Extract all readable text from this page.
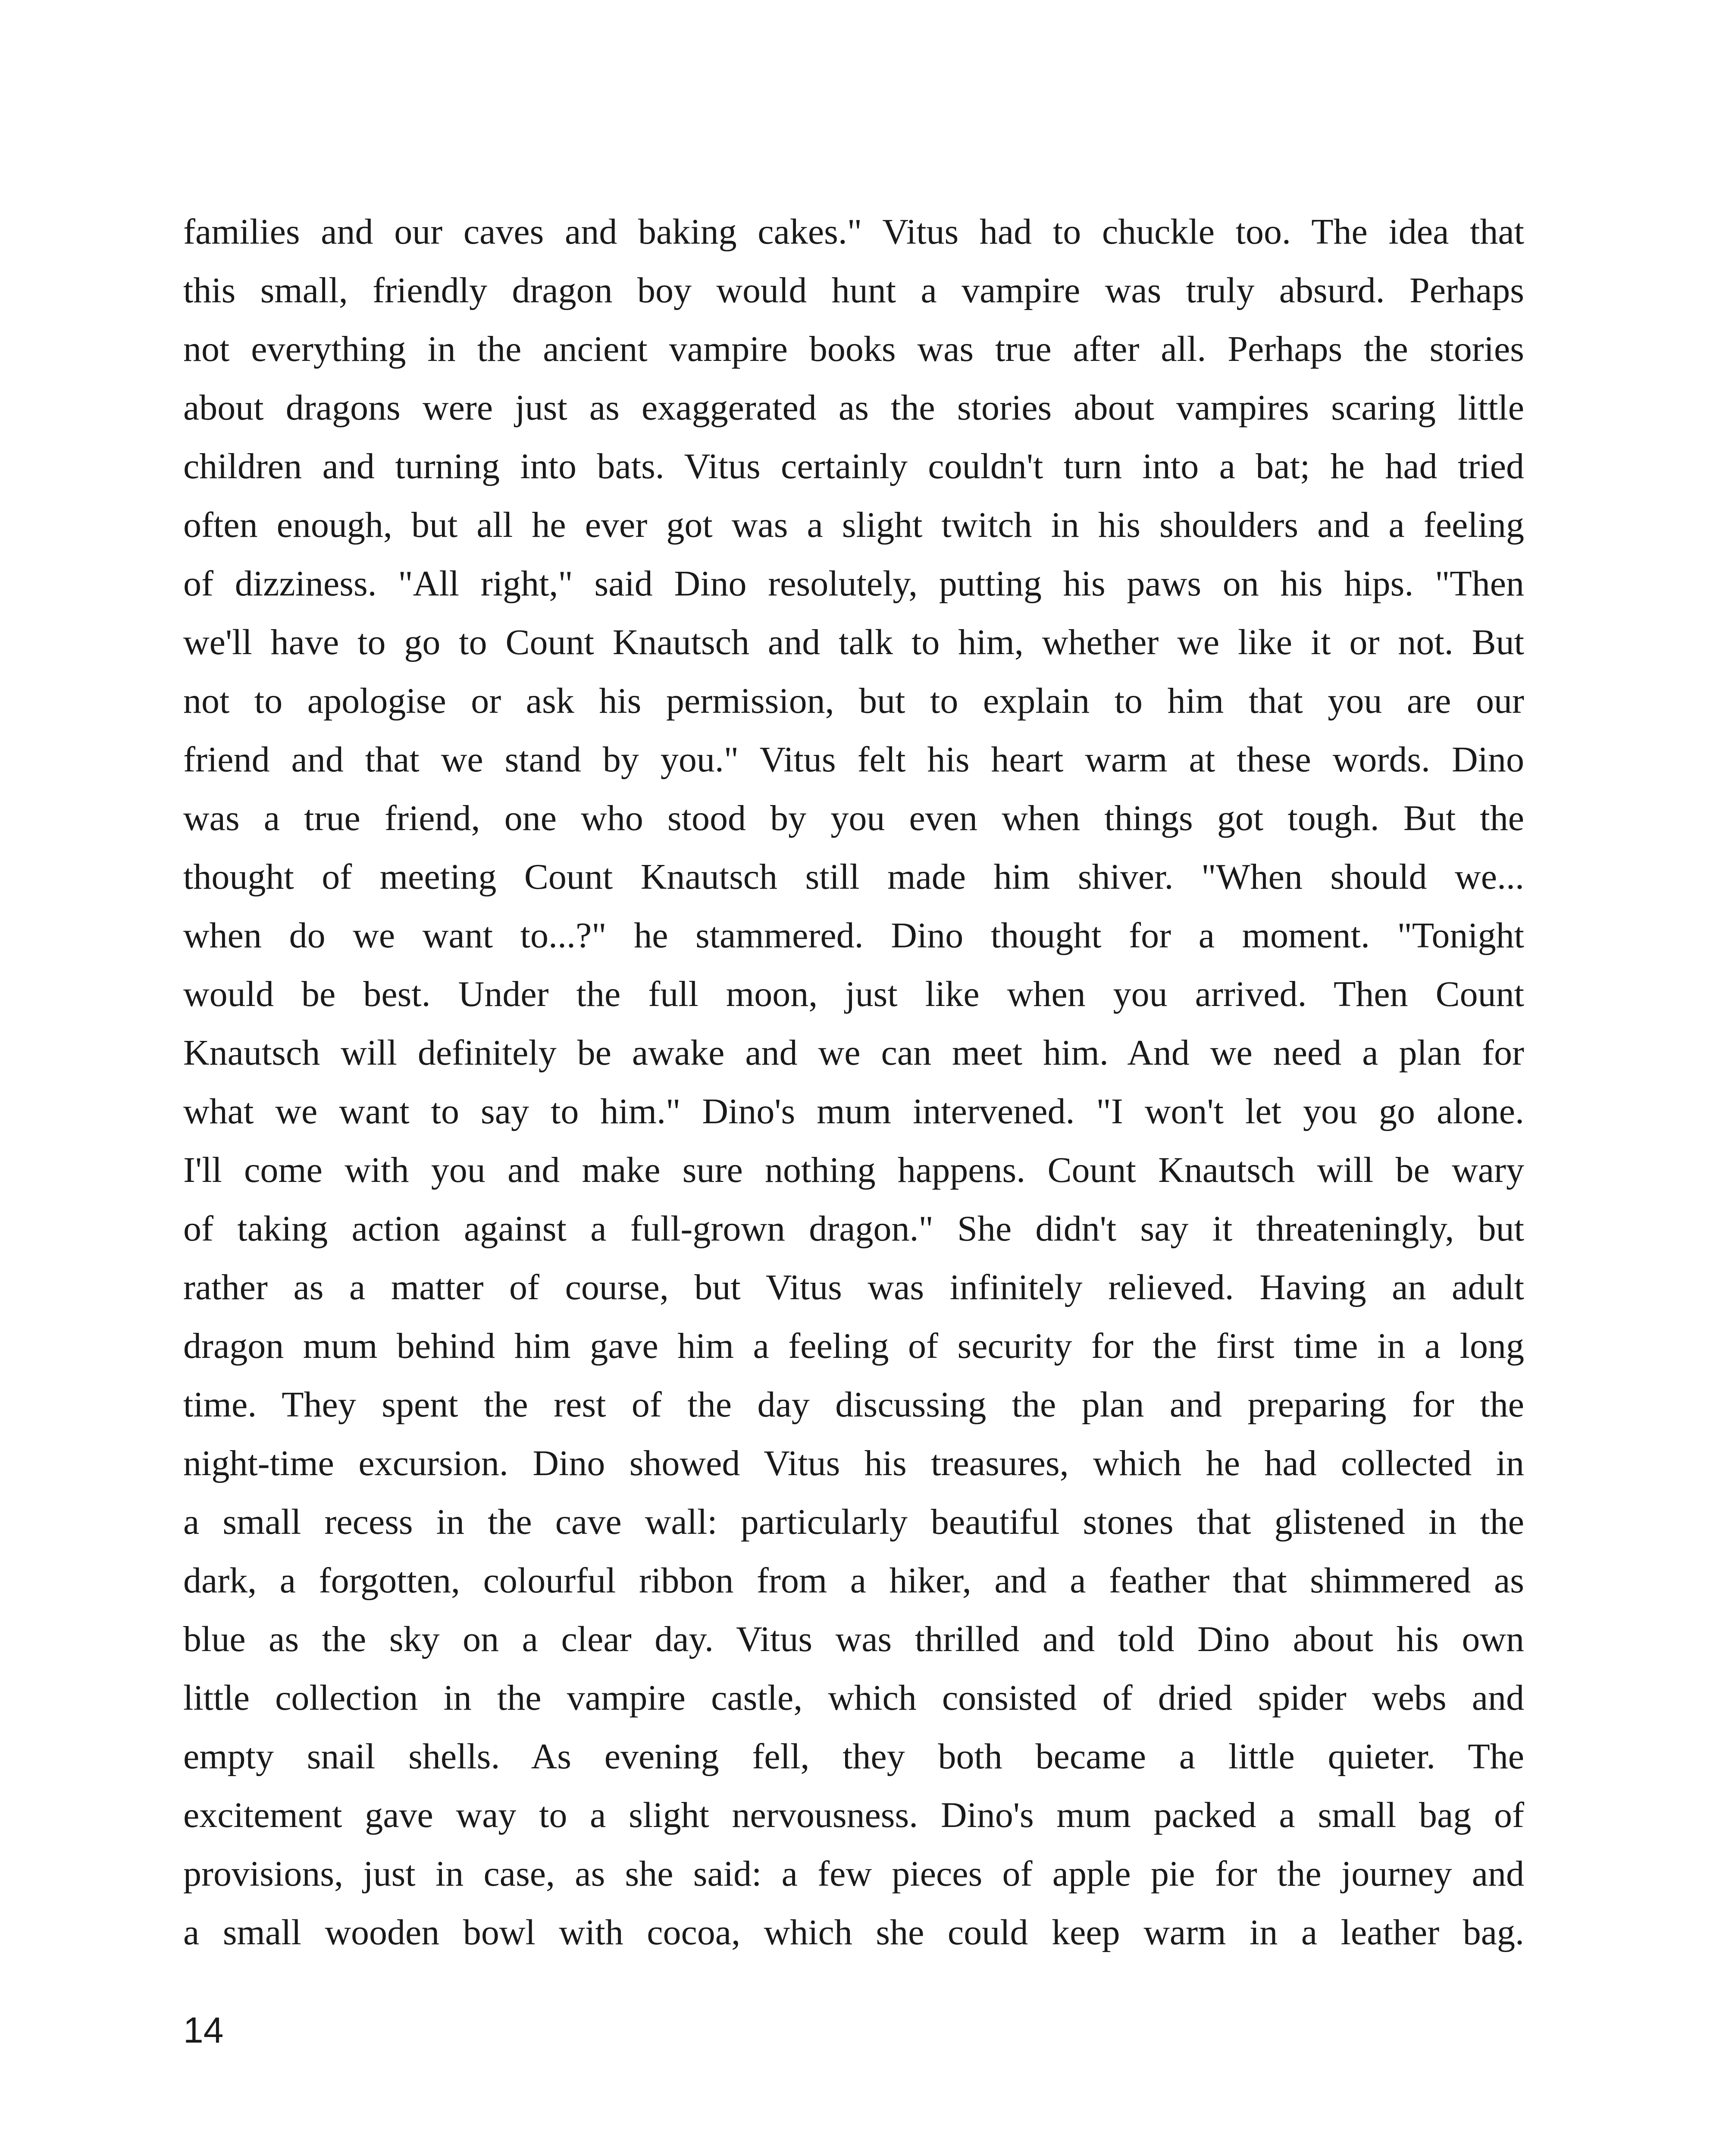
families and our caves and baking cakes." Vitus had to chuckle too. The idea that
this small, friendly dragon boy would hunt a vampire was truly absurd. Perhaps
not everything in the ancient vampire books was true after all. Perhaps the stories
about dragons were just as exaggerated as the stories about vampires scaring little
children and turning into bats. Vitus certainly couldn't turn into a bat; he had tried
often enough, but all he ever got was a slight twitch in his shoulders and a feeling
of dizziness. "All right," said Dino resolutely, putting his paws on his hips. "Then
we'll have to go to Count Knautsch and talk to him, whether we like it or not. But
not to apologise or ask his permission, but to explain to him that you are our
friend and that we stand by you." Vitus felt his heart warm at these words. Dino
was a true friend, one who stood by you even when things got tough. But the
thought of meeting Count Knautsch still made him shiver. "When should we...
when do we want to...?" he stammered. Dino thought for a moment. "Tonight
would be best. Under the full moon, just like when you arrived. Then Count
Knautsch will definitely be awake and we can meet him. And we need a plan for
what we want to say to him." Dino's mum intervened. "I won't let you go alone.
I'll come with you and make sure nothing happens. Count Knautsch will be wary
of taking action against a full-grown dragon." She didn't say it threateningly, but
rather as a matter of course, but Vitus was infinitely relieved. Having an adult
dragon mum behind him gave him a feeling of security for the first time in a long
time. They spent the rest of the day discussing the plan and preparing for the
night-time excursion. Dino showed Vitus his treasures, which he had collected in
a small recess in the cave wall: particularly beautiful stones that glistened in the
dark, a forgotten, colourful ribbon from a hiker, and a feather that shimmered as
blue as the sky on a clear day. Vitus was thrilled and told Dino about his own
little collection in the vampire castle, which consisted of dried spider webs and
empty snail shells. As evening fell, they both became a little quieter. The
excitement gave way to a slight nervousness. Dino's mum packed a small bag of
provisions, just in case, as she said: a few pieces of apple pie for the journey and
a small wooden bowl with cocoa, which she could keep warm in a leather bag.
14
